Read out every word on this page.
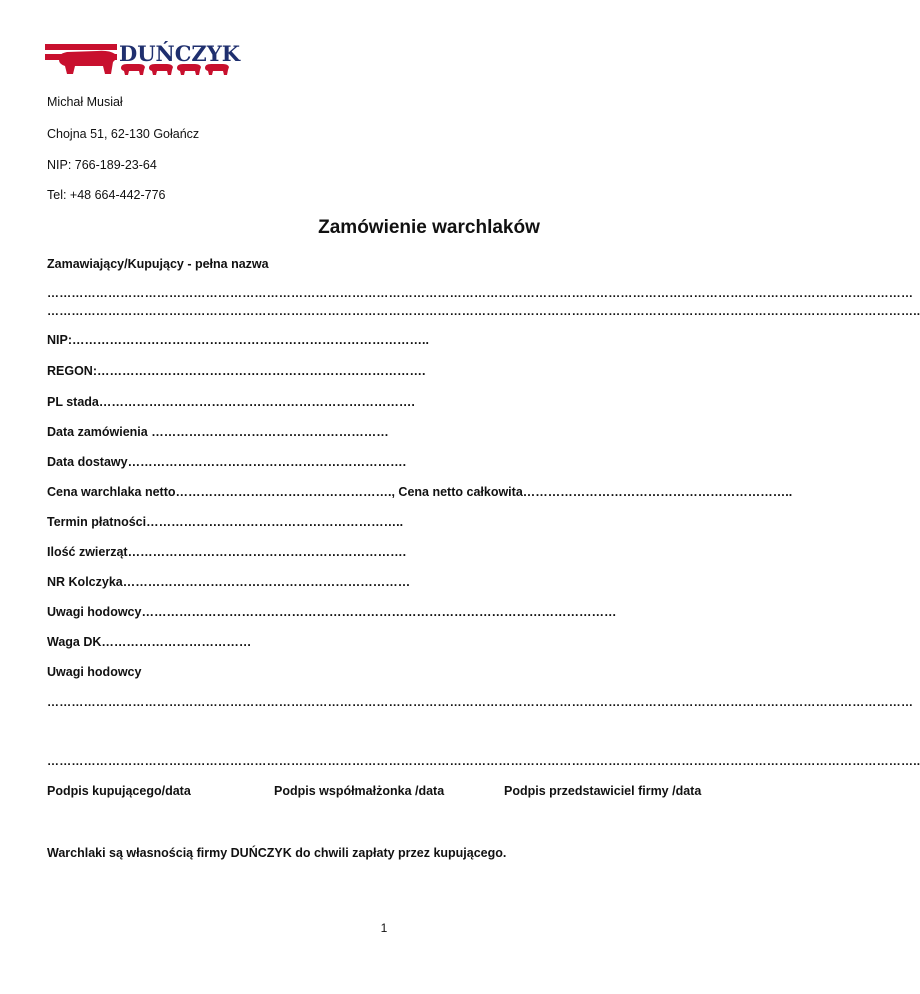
DUŃCZYK
Michał Musiał
Chojna 51, 62-130 Gołańcz
NIP: 766-189-23-64
Tel: +48 664-442-776
Zamówienie warchlaków
Zamawiający/Kupujący - pełna nazwa
……………………………………………………………………………………………………………………………………………………………………………………………
……………………………………………………………………………………………………………………………………………………………………………………………..
NIP:…………………………………………………………………………..
REGON:…………………………………………………………………….
PL stada………………………………………………………………….
Data zamówienia …………………………………………………
Data dostawy………………………………………………………….
Cena warchlaka netto……………………………………………., Cena netto całkowita………………………………………………………..
Termin płatności……………………………………………………..
Ilość zwierząt………………………………………………………….
NR Kolczyka……………………………………………………………
Uwagi hodowcy……………………………………………………………………………………………………
Waga DK………………………………
Uwagi hodowcy
……………………………………………………………………………………………………………………………………………………………………………………………
……………………………………………………………………………………………………………………………………………………………………………………………..
Podpis kupującego/data	Podpis współmałżonka /data	Podpis przedstawiciel firmy /data
Warchlaki są własnością firmy DUŃCZYK do chwili zapłaty przez kupującego.
1
